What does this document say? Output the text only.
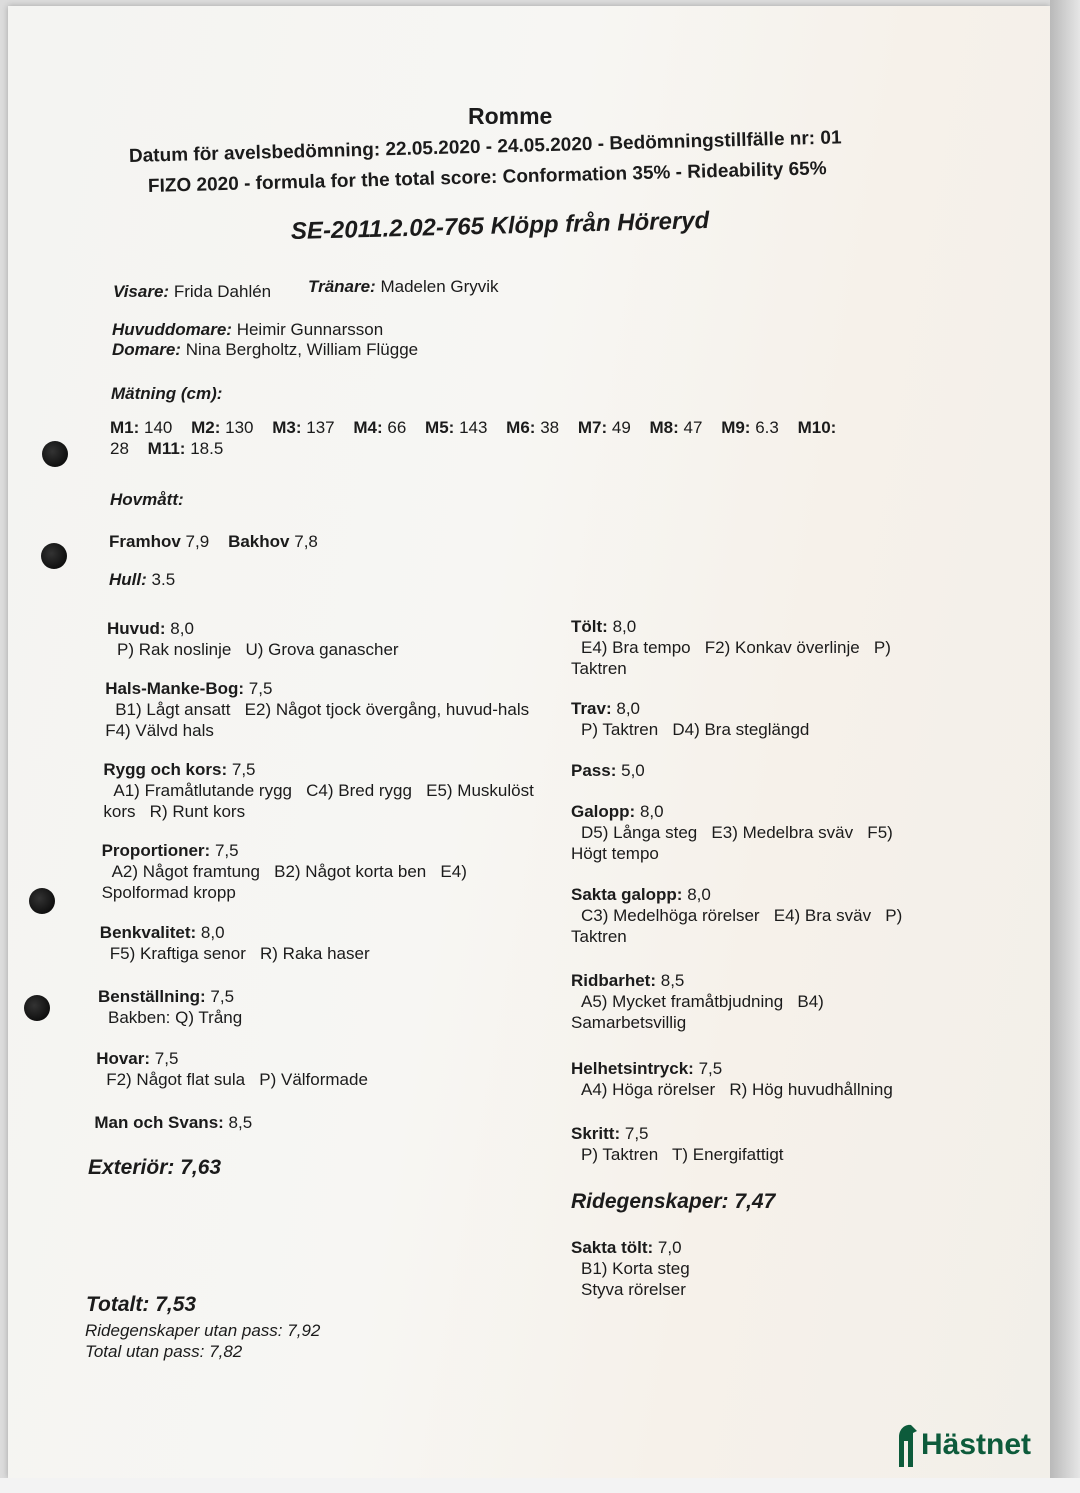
Romme
Datum för avelsbedömning: 22.05.2020 - 24.05.2020 - Bedömningstillfälle nr: 01
FIZO 2020 - formula for the total score: Conformation 35% - Rideability 65%
SE-2011.2.02-765 Klöpp från Höreryd
Visare: Frida Dahlén Tränare: Madelen Gryvik
Huvuddomare: Heimir Gunnarsson
Domare: Nina Bergholtz, William Flügge
Mätning (cm):
M1: 140 M2: 130 M3: 137 M4: 66 M5: 143 M6: 38 M7: 49 M8: 47 M9: 6.3 M10: 28 M11: 18.5
Hovmått:
Framhov 7,9 Bakhov 7,8
Hull: 3.5
Huvud: 8,0
P) Rak noslinje   U) Grova ganascher
Hals-Manke-Bog: 7,5
B1) Lågt ansatt   E2) Något tjock övergång, huvud-hals
F4) Välvd hals
Rygg och kors: 7,5
A1) Framåtlutande rygg   C4) Bred rygg   E5) Muskulöst
kors   R) Runt kors
Proportioner: 7,5
A2) Något framtung   B2) Något korta ben   E4)
Spolformad kropp
Benkvalitet: 8,0
F5) Kraftiga senor   R) Raka haser
Benställning: 7,5
Bakben: Q) Trång
Hovar: 7,5
F2) Något flat sula   P) Välformade
Man och Svans: 8,5
Tölt: 8,0
E4) Bra tempo   F2) Konkav överlinje   P)
Taktren
Trav: 8,0
P) Taktren   D4) Bra steglängd
Pass: 5,0
Galopp: 8,0
D5) Långa steg   E3) Medelbra sväv   F5)
Högt tempo
Sakta galopp: 8,0
C3) Medelhöga rörelser   E4) Bra sväv   P)
Taktren
Ridbarhet: 8,5
A5) Mycket framåtbjudning   B4)
Samarbetsvillig
Helhetsintryck: 7,5
A4) Höga rörelser   R) Hög huvudhållning
Skritt: 7,5
P) Taktren   T) Energifattigt
Exteriör: 7,63
Ridegenskaper: 7,47
Sakta tölt: 7,0
B1) Korta steg
Styva rörelser
Totalt: 7,53
Ridegenskaper utan pass: 7,92
Total utan pass: 7,82
Hästnet
